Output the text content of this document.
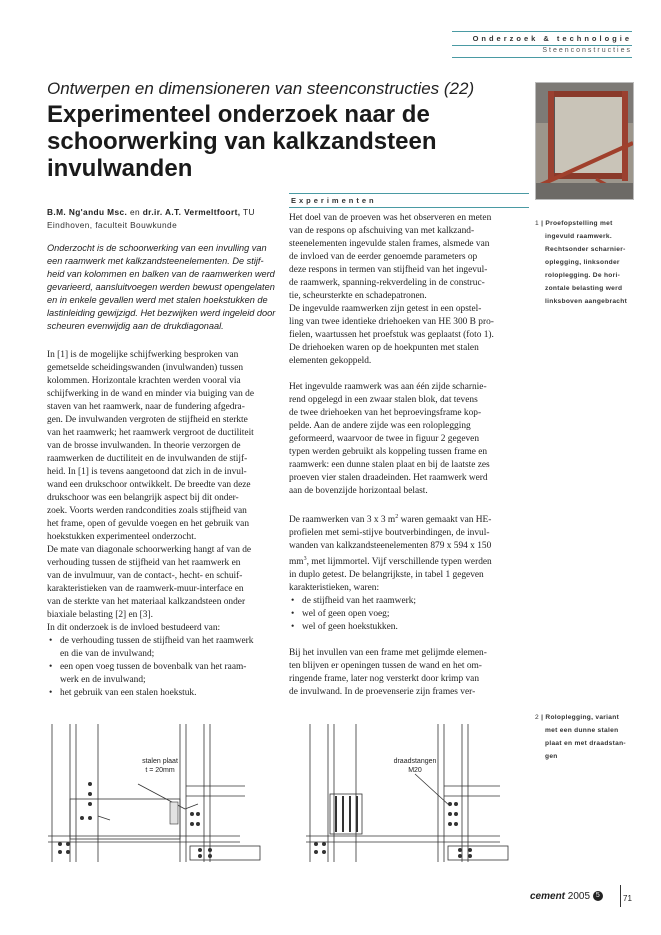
Onderzoek & technologie
Steenconstructies
Ontwerpen en dimensioneren van steenconstructies (22)
Experimenteel onderzoek naar de
schoorwerking van kalkzandsteen
invulwanden
1 | Proefopstelling met
ingevuld raamwerk.
Rechtsonder scharnier-
oplegging, linksonder
roloplegging. De hori-
zontale belasting werd
linksboven aangebracht
B.M. Ng'andu Msc. en dr.ir. A.T. Vermeltfoort, TU
Eindhoven, faculteit Bouwkunde
Onderzocht is de schoorwerking van een invulling van
een raamwerk met kalkzandsteenelementen. De stijf-
heid van kolommen en balken van de raamwerken werd
gevarieerd, aansluitvoegen werden bewust opengelaten
en in enkele gevallen werd met stalen hoekstukken de
lastinleiding gewijzigd. Het bezwijken werd ingeleid door
scheuren evenwijdig aan de drukdiagonaal.
In [1] is de mogelijke schijfwerking besproken van
gemetselde scheidingswanden (invulwanden) tussen
kolommen. Horizontale krachten werden vooral via
schijfwerking in de wand en minder via buiging van de
staven van het raamwerk, naar de fundering afgedra-
gen. De invulwanden vergroten de stijfheid en sterkte
van het raamwerk; het raamwerk vergroot de ductiliteit
van de brosse invulwanden. In theorie verzorgen de
raamwerken de ductiliteit en de invulwanden de stijf-
heid. In [1] is tevens aangetoond dat zich in de invul-
wand een drukschoor ontwikkelt. De breedte van deze
drukschoor was een belangrijk aspect bij dit onder-
zoek. Voorts werden randcondities zoals stijfheid van
het frame, open of gevulde voegen en het gebruik van
hoekstukken experimenteel onderzocht.
De mate van diagonale schoorwerking hangt af van de
verhouding tussen de stijfheid van het raamwerk en
van de invulmuur, van de contact-, hecht- en schuif-
karakteristieken van de raamwerk-muur-interface en
van de sterkte van het materiaal kalkzandsteen onder
biaxiale belasting [2] en [3].
In dit onderzoek is de invloed bestudeerd van:
• de verhouding tussen de stijfheid van het raamwerk
en die van de invulwand;
• een open voeg tussen de bovenbalk van het raam-
werk en de invulwand;
• het gebruik van een stalen hoekstuk.
Experimenten
Het doel van de proeven was het observeren en meten
van de respons op afschuiving van met kalkzand-
steenelementen ingevulde stalen frames, alsmede van
de invloed van de eerder genoemde parameters op
deze respons in termen van stijfheid van het ingevul-
de raamwerk, spanning-rekverdeling in de construc-
tie, scheursterkte en schadepatronen.
De ingevulde raamwerken zijn getest in een opstel-
ling van twee identieke driehoeken van HE 300 B pro-
fielen, waartussen het proefstuk was geplaatst (foto 1).
De driehoeken waren op de hoekpunten met stalen
elementen gekoppeld.
Het ingevulde raamwerk was aan één zijde scharnie-
rend opgelegd in een zwaar stalen blok, dat tevens
de twee driehoeken van het beproevingsframe kop-
pelde. Aan de andere zijde was een roloplegging
geformeerd, waarvoor de twee in figuur 2 gegeven
typen werden gebruikt als koppeling tussen frame en
raamwerk: een dunne stalen plaat en bij de laatste zes
proeven vier stalen draadeinden. Het raamwerk werd
aan de bovenzijde horizontaal belast.
De raamwerken van 3 x 3 $m^2$ waren gemaakt van HE-
profielen met semi-stijve boutverbindingen, de invul-
wanden van kalkzandsteenelementen 879 x 594 x 150
$mm^3$, met lijmmortel. Vijf verschillende typen werden
in duplo getest. De belangrijkste, in tabel 1 gegeven
karakteristieken, waren:
• de stijfheid van het raamwerk;
• wel of geen open voeg;
• wel of geen hoekstukken.
Bij het invullen van een frame met gelijmde elemen-
ten blijven er openingen tussen de wand en het om-
ringende frame, later nog versterkt door krimp van
de invulwand. In de proevenserie zijn frames ver-
stalen plaat
t = 20mm
draadstangen
M20
2 | Roloplegging, variant
met een dunne stalen
plaat en met draadstan-
gen
cement 2005 5	71
